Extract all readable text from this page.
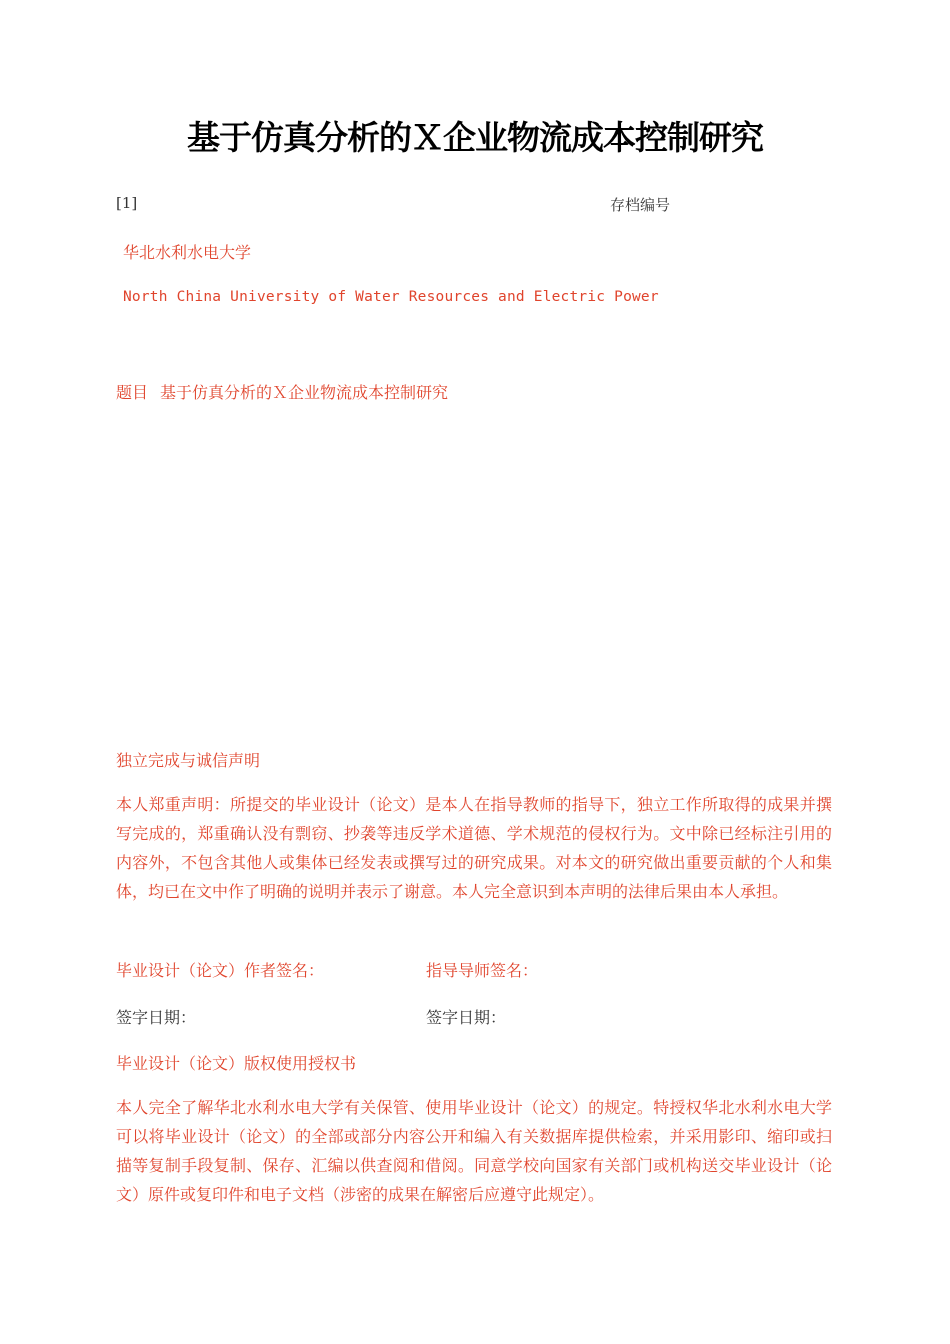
基于仿真分析的Ｘ企业物流成本控制研究
[1]	存档编号
华北水利水电大学
North China University of Water Resources and Electric Power
题目 基于仿真分析的Ｘ企业物流成本控制研究
独立完成与诚信声明
本人郑重声明：所提交的毕业设计（论文）是本人在指导教师的指导下，独立工作所取得的成果并撰写完成的，郑重确认没有剽窃、抄袭等违反学术道德、学术规范的侵权行为。文中除已经标注引用的内容外，不包含其他人或集体已经发表或撰写过的研究成果。对本文的研究做出重要贡献的个人和集体，均已在文中作了明确的说明并表示了谢意。本人完全意识到本声明的法律后果由本人承担。
毕业设计（论文）作者签名：	指导导师签名：
签字日期：	签字日期：
毕业设计（论文）版权使用授权书
本人完全了解华北水利水电大学有关保管、使用毕业设计（论文）的规定。特授权华北水利水电大学可以将毕业设计（论文）的全部或部分内容公开和编入有关数据库提供检索，并采用影印、缩印或扫描等复制手段复制、保存、汇编以供查阅和借阅。同意学校向国家有关部门或机构送交毕业设计（论文）原件或复印件和电子文档（涉密的成果在解密后应遵守此规定）。
